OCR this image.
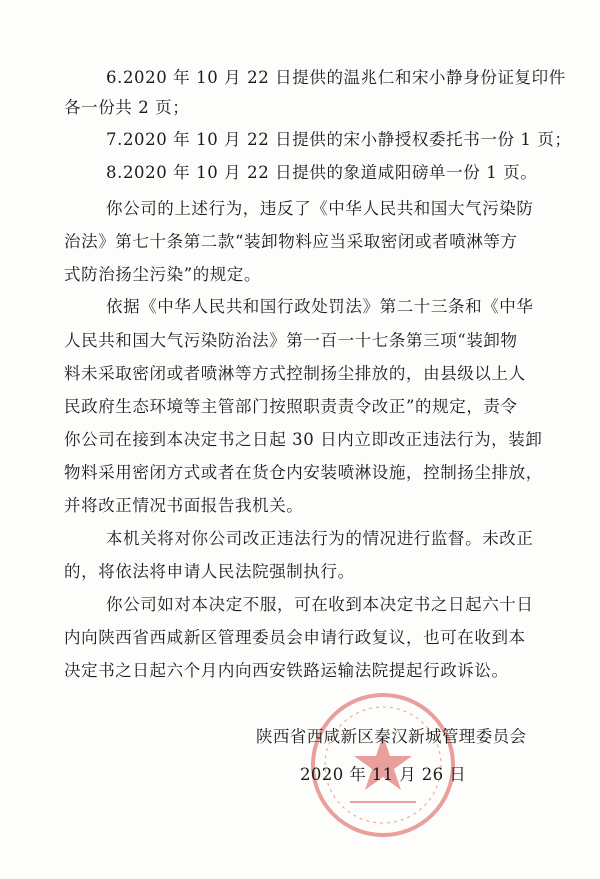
6.2020 年 10 月 22 日提供的温兆仁和宋小静身份证复印件
各一份共 2 页；
7.2020 年 10 月 22 日提供的宋小静授权委托书一份 1 页；
8.2020 年 10 月 22 日提供的象道咸阳磅单一份 1 页。
你公司的上述行为，违反了《中华人民共和国大气污染防
治法》第七十条第二款“装卸物料应当采取密闭或者喷淋等方
式防治扬尘污染”的规定。
依据《中华人民共和国行政处罚法》第二十三条和《中华
人民共和国大气污染防治法》第一百一十七条第三项“装卸物
料未采取密闭或者喷淋等方式控制扬尘排放的，由县级以上人
民政府生态环境等主管部门按照职责责令改正”的规定，责令
你公司在接到本决定书之日起 30 日内立即改正违法行为，装卸
物料采用密闭方式或者在货仓内安装喷淋设施，控制扬尘排放，
并将改正情况书面报告我机关。
本机关将对你公司改正违法行为的情况进行监督。未改正
的，将依法将申请人民法院强制执行。
你公司如对本决定不服，可在收到本决定书之日起六十日
内向陕西省西咸新区管理委员会申请行政复议，也可在收到本
决定书之日起六个月内向西安铁路运输法院提起行政诉讼。
陕西省西咸新区秦汉新城管理委员会
2020 年 11 月 26 日
